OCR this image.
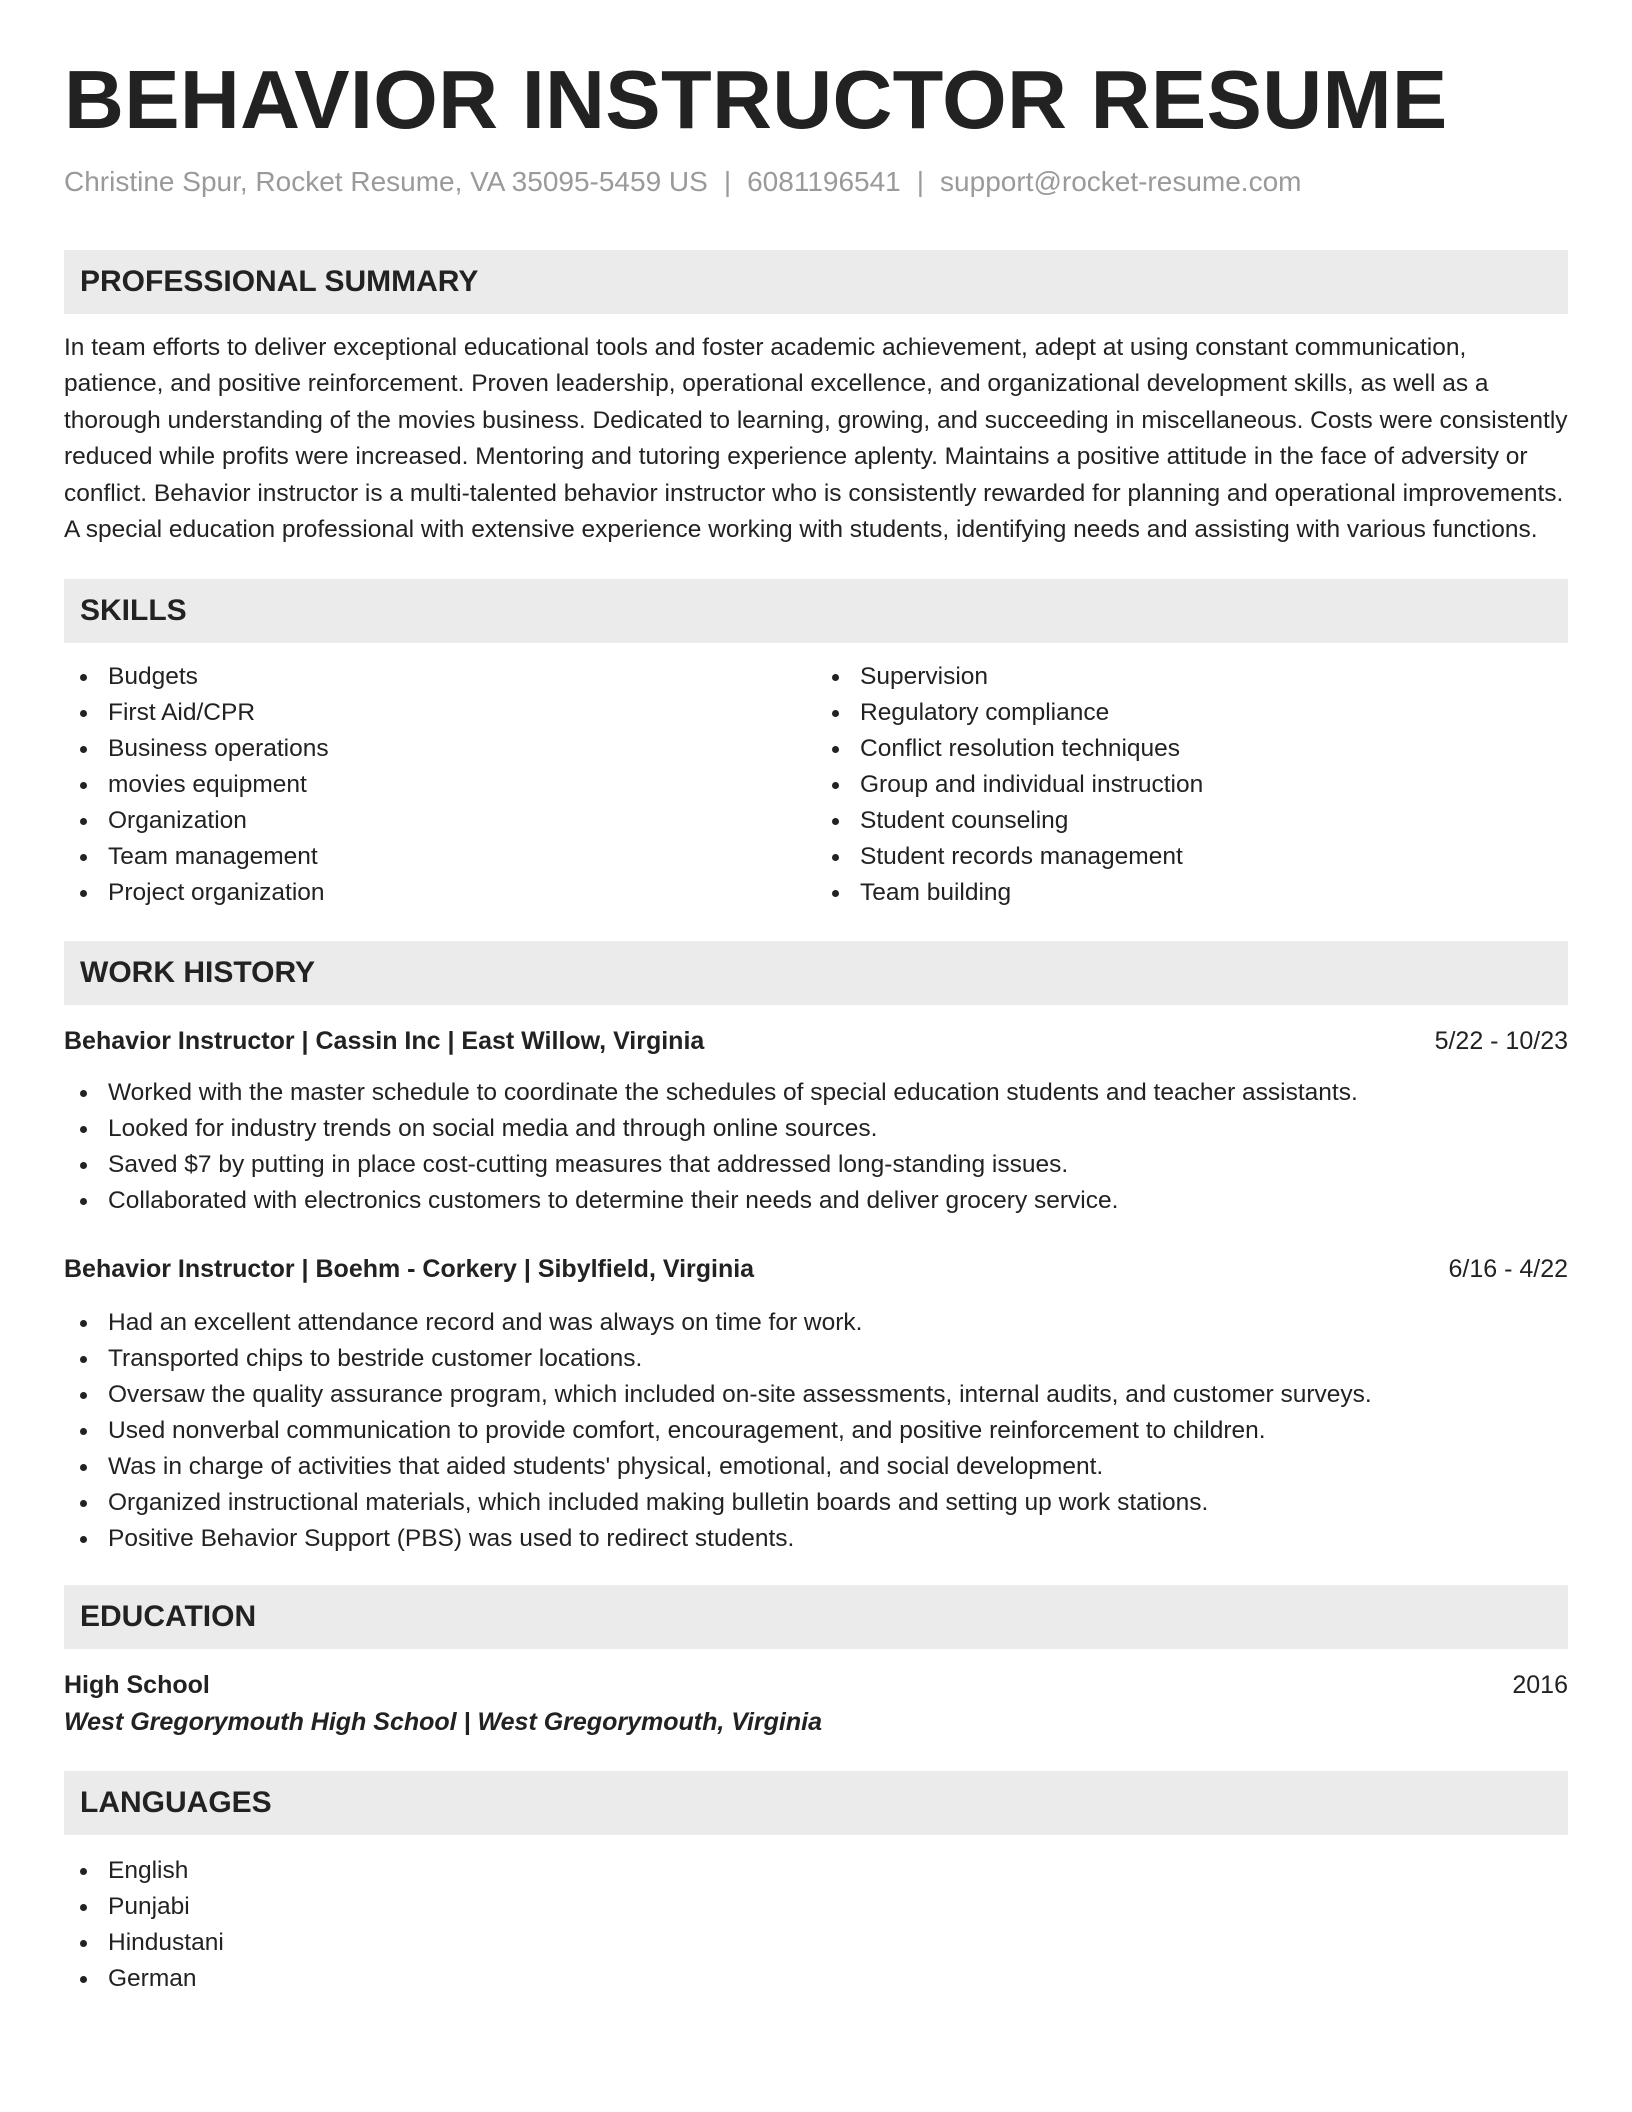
BEHAVIOR INSTRUCTOR RESUME
Christine Spur, Rocket Resume, VA 35095-5459 US | 6081196541 | support@rocket-resume.com
PROFESSIONAL SUMMARY

In team efforts to deliver exceptional educational tools and foster academic achievement, adept at using constant communication, patience, and positive reinforcement. Proven leadership, operational excellence, and organizational development skills, as well as a thorough understanding of the movies business. Dedicated to learning, growing, and succeeding in miscellaneous. Costs were consistently reduced while profits were increased. Mentoring and tutoring experience aplenty. Maintains a positive attitude in the face of adversity or conflict. Behavior instructor is a multi-talented behavior instructor who is consistently rewarded for planning and operational improvements. A special education professional with extensive experience working with students, identifying needs and assisting with various functions.

SKILLS
Budgets
First Aid/CPR
Business operations
movies equipment
Organization
Team management
Project organization
Supervision
Regulatory compliance
Conflict resolution techniques
Group and individual instruction
Student counseling
Student records management
Team building
WORK HISTORY
Behavior Instructor | Cassin Inc | East Willow, Virginia	5/22 - 10/23
Worked with the master schedule to coordinate the schedules of special education students and teacher assistants.
Looked for industry trends on social media and through online sources.
Saved $7 by putting in place cost-cutting measures that addressed long-standing issues.
Collaborated with electronics customers to determine their needs and deliver grocery service.
Behavior Instructor | Boehm - Corkery | Sibylfield, Virginia	6/16 - 4/22
Had an excellent attendance record and was always on time for work.
Transported chips to bestride customer locations.
Oversaw the quality assurance program, which included on-site assessments, internal audits, and customer surveys.
Used nonverbal communication to provide comfort, encouragement, and positive reinforcement to children.
Was in charge of activities that aided students' physical, emotional, and social development.
Organized instructional materials, which included making bulletin boards and setting up work stations.
Positive Behavior Support (PBS) was used to redirect students.
EDUCATION
High School	2016
West Gregorymouth High School | West Gregorymouth, Virginia
LANGUAGES
English
Punjabi
Hindustani
German
